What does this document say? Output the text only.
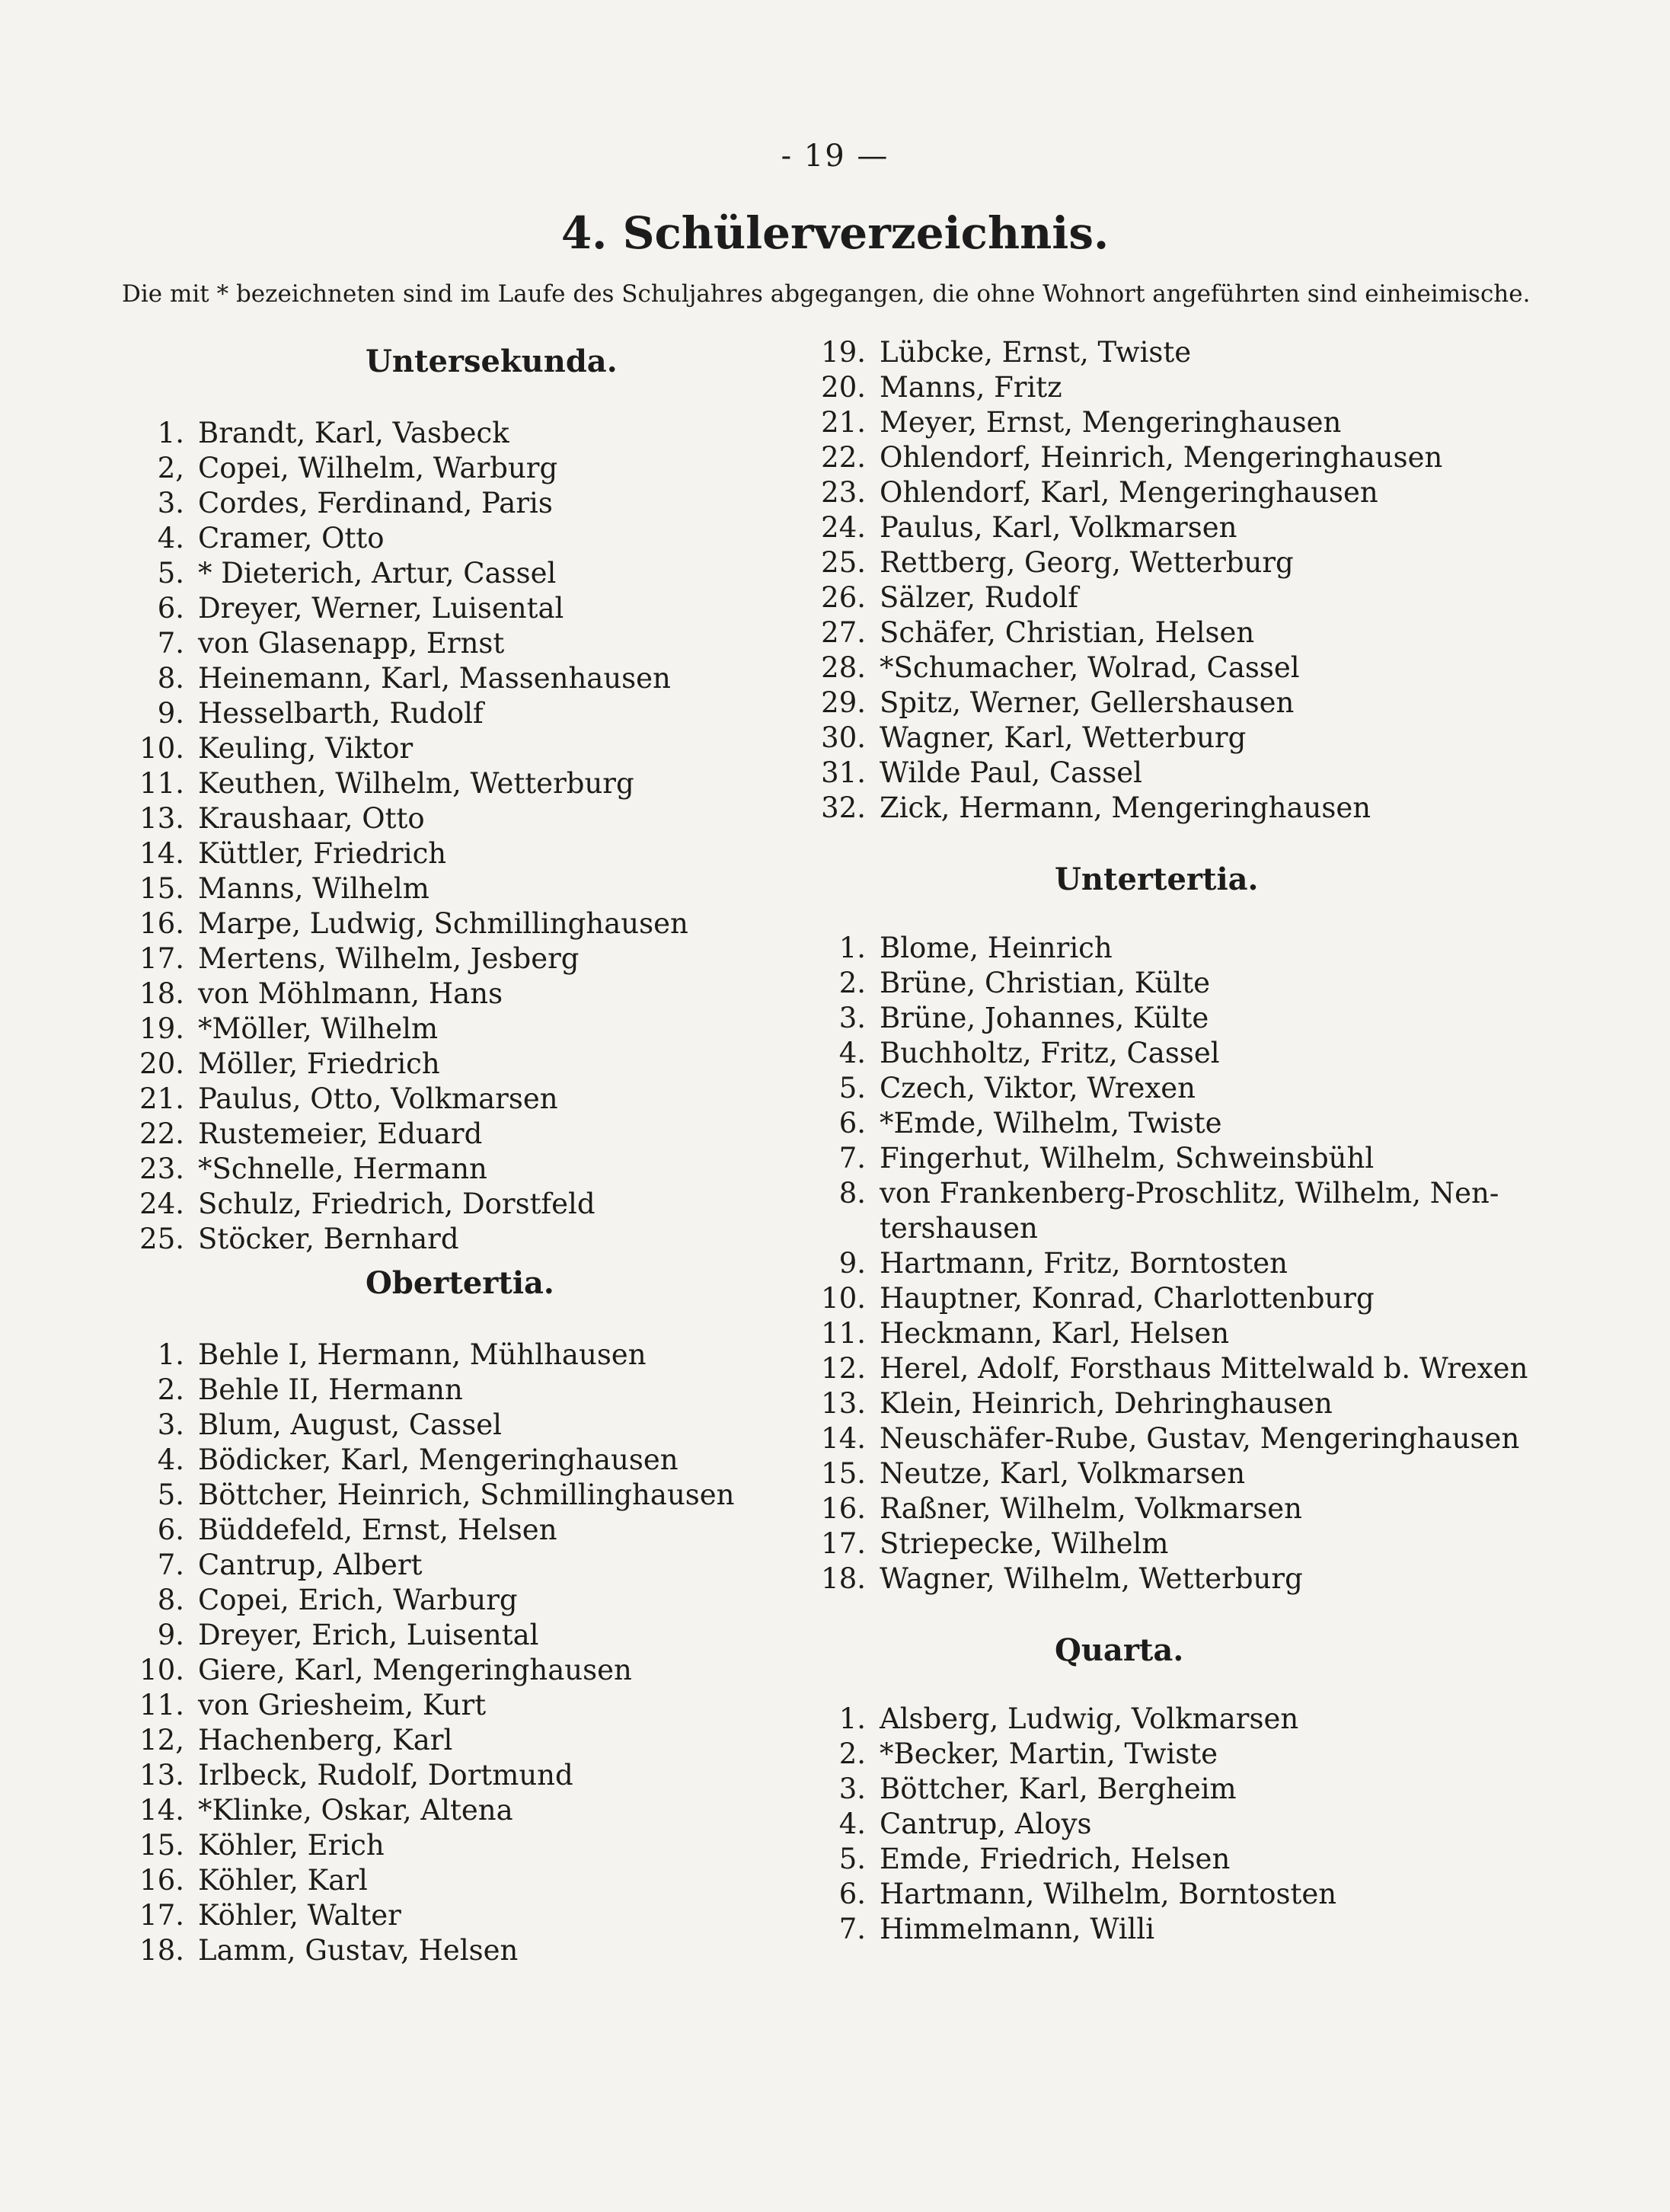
- 19 —
4. Schülerverzeichnis.
Die mit * bezeichneten sind im Laufe des Schuljahres abgegangen, die ohne Wohnort angeführten sind einheimische.
Untersekunda.
1. Brandt, Karl, Vasbeck
2, Copei, Wilhelm, Warburg
3. Cordes, Ferdinand, Paris
4. Cramer, Otto
5. * Dieterich, Artur, Cassel
6. Dreyer, Werner, Luisental
7. von Glasenapp, Ernst
8. Heinemann, Karl, Massenhausen
9. Hesselbarth, Rudolf
10. Keuling, Viktor
11. Keuthen, Wilhelm, Wetterburg
13. Kraushaar, Otto
14. Küttler, Friedrich
15. Manns, Wilhelm
16. Marpe, Ludwig, Schmillinghausen
17. Mertens, Wilhelm, Jesberg
18. von Möhlmann, Hans
19. *Möller, Wilhelm
20. Möller, Friedrich
21. Paulus, Otto, Volkmarsen
22. Rustemeier, Eduard
23. *Schnelle, Hermann
24. Schulz, Friedrich, Dorstfeld
25. Stöcker, Bernhard
Obertertia.
1. Behle I, Hermann, Mühlhausen
2. Behle II, Hermann
3. Blum, August, Cassel
4. Bödicker, Karl, Mengeringhausen
5. Böttcher, Heinrich, Schmillinghausen
6. Büddefeld, Ernst, Helsen
7. Cantrup, Albert
8. Copei, Erich, Warburg
9. Dreyer, Erich, Luisental
10. Giere, Karl, Mengeringhausen
11. von Griesheim, Kurt
12, Hachenberg, Karl
13. Irlbeck, Rudolf, Dortmund
14. *Klinke, Oskar, Altena
15. Köhler, Erich
16. Köhler, Karl
17. Köhler, Walter
18. Lamm, Gustav, Helsen
19. Lübcke, Ernst, Twiste
20. Manns, Fritz
21. Meyer, Ernst, Mengeringhausen
22. Ohlendorf, Heinrich, Mengeringhausen
23. Ohlendorf, Karl, Mengeringhausen
24. Paulus, Karl, Volkmarsen
25. Rettberg, Georg, Wetterburg
26. Sälzer, Rudolf
27. Schäfer, Christian, Helsen
28. *Schumacher, Wolrad, Cassel
29. Spitz, Werner, Gellershausen
30. Wagner, Karl, Wetterburg
31. Wilde Paul, Cassel
32. Zick, Hermann, Mengeringhausen
Untertertia.
1. Blome, Heinrich
2. Brüne, Christian, Külte
3. Brüne, Johannes, Külte
4. Buchholtz, Fritz, Cassel
5. Czech, Viktor, Wrexen
6. *Emde, Wilhelm, Twiste
7. Fingerhut, Wilhelm, Schweinsbühl
8. von Frankenberg-Proschlitz, Wilhelm, Nen-
tershausen
9. Hartmann, Fritz, Borntosten
10. Hauptner, Konrad, Charlottenburg
11. Heckmann, Karl, Helsen
12. Herel, Adolf, Forsthaus Mittelwald b. Wrexen
13. Klein, Heinrich, Dehringhausen
14. Neuschäfer-Rube, Gustav, Mengeringhausen
15. Neutze, Karl, Volkmarsen
16. Raßner, Wilhelm, Volkmarsen
17. Striepecke, Wilhelm
18. Wagner, Wilhelm, Wetterburg
Quarta.
1. Alsberg, Ludwig, Volkmarsen
2. *Becker, Martin, Twiste
3. Böttcher, Karl, Bergheim
4. Cantrup, Aloys
5. Emde, Friedrich, Helsen
6. Hartmann, Wilhelm, Borntosten
7. Himmelmann, Willi
